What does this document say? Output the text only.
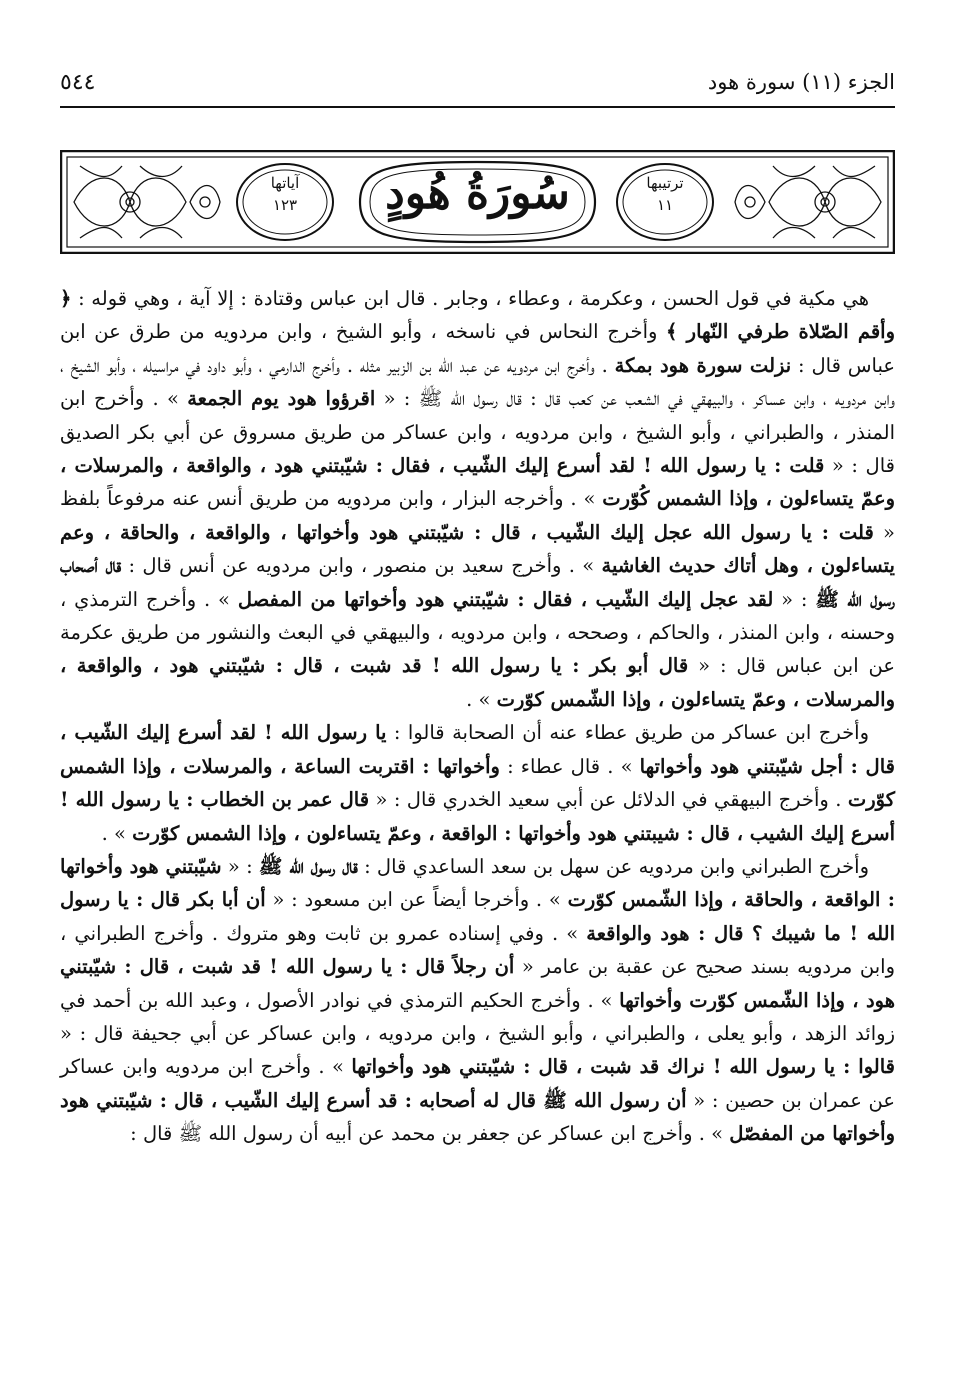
الجزء (١١) سورة هود
٥٤٤
سُورَةُ هُودٍ	ترتيبها
١١
آياتها
١٢٣

هي مكية في قول الحسن ، وعكرمة ، وعطاء ، وجابر . قال ابن عباس وقتادة : إلا آية ، وهي قوله : ﴿ وأقم الصّلاة طرفي النّهار ﴾ وأخرج النحاس في ناسخه ، وأبو الشيخ ، وابن مردويه من طرق عن ابن عباس قال : نزلت سورة هود بمكة . وأخرج ابن مردويه عن عبد الله بن الزبير مثله . وأخرج الدارمي ، وأبو داود في مراسيله ، وأبو الشيخ ، وابن مردويه ، وابن عساكر ، والبيهقي في الشعب عن كعب قال : قال رسول الله ﷺ : « اقرؤوا هود يوم الجمعة » . وأخرج ابن المنذر ، والطبراني ، وأبو الشيخ ، وابن مردويه ، وابن عساكر من طريق مسروق عن أبي بكر الصديق قال : « قلت : يا رسول الله ! لقد أسرع إليك الشّيب ، فقال : شيّبتني هود ، والواقعة ، والمرسلات ، وعمّ يتساءلون ، وإذا الشمس كُوّرت » . وأخرجه البزار ، وابن مردويه من طريق أنس عنه مرفوعاً بلفظ « قلت : يا رسول الله عجل إليك الشّيب ، قال : شيّبتني هود وأخواتها ، والواقعة ، والحاقة ، وعم يتساءلون ، وهل أتاك حديث الغاشية » . وأخرج سعيد بن منصور ، وابن مردويه عن أنس قال : قال أصحاب رسول الله ﷺ : « لقد عجل إليك الشّيب ، فقال : شيّبتني هود وأخواتها من المفصل » . وأخرج الترمذي ، وحسنه ، وابن المنذر ، والحاكم ، وصححه ، وابن مردويه ، والبيهقي في البعث والنشور من طريق عكرمة عن ابن عباس قال : « قال أبو بكر : يا رسول الله ! قد شبت ، قال : شيّبتني هود ، والواقعة ، والمرسلات ، وعمّ يتساءلون ، وإذا الشّمس كوّرت » .

وأخرج ابن عساكر من طريق عطاء عنه أن الصحابة قالوا : يا رسول الله ! لقد أسرع إليك الشّيب ، قال : أجل شيّبتني هود وأخواتها » . قال عطاء : وأخواتها : اقتربت الساعة ، والمرسلات ، وإذا الشمس كوّرت . وأخرج البيهقي في الدلائل عن أبي سعيد الخدري قال : « قال عمر بن الخطاب : يا رسول الله ! أسرع إليك الشيب ، قال : شيبتني هود وأخواتها : الواقعة ، وعمّ يتساءلون ، وإذا الشمس كوّرت » .

وأخرج الطبراني وابن مردويه عن سهل بن سعد الساعدي قال : قال رسول الله ﷺ : « شيّبتني هود وأخواتها : الواقعة ، والحاقة ، وإذا الشّمس كوّرت » . وأخرجا أيضاً عن ابن مسعود : « أن أبا بكر قال : يا رسول الله ! ما شيبك ؟ قال : هود والواقعة » . وفي إسناده عمرو بن ثابت وهو متروك . وأخرج الطبراني ، وابن مردويه بسند صحيح عن عقبة بن عامر « أن رجلاً قال : يا رسول الله ! قد شبت ، قال : شيّبتني هود ، وإذا الشّمس كوّرت وأخواتها » . وأخرج الحكيم الترمذي في نوادر الأصول ، وعبد الله بن أحمد في زوائد الزهد ، وأبو يعلى ، والطبراني ، وأبو الشيخ ، وابن مردويه ، وابن عساكر عن أبي جحيفة قال : « قالوا : يا رسول الله ! نراك قد شبت ، قال : شيّبتني هود وأخواتها » . وأخرج ابن مردويه وابن عساكر عن عمران بن حصين : « أن رسول الله ﷺ قال له أصحابه : قد أسرع إليك الشّيب ، قال : شيّبتني هود وأخواتها من المفصّل » . وأخرج ابن عساكر عن جعفر بن محمد عن أبيه أن رسول الله ﷺ قال :
